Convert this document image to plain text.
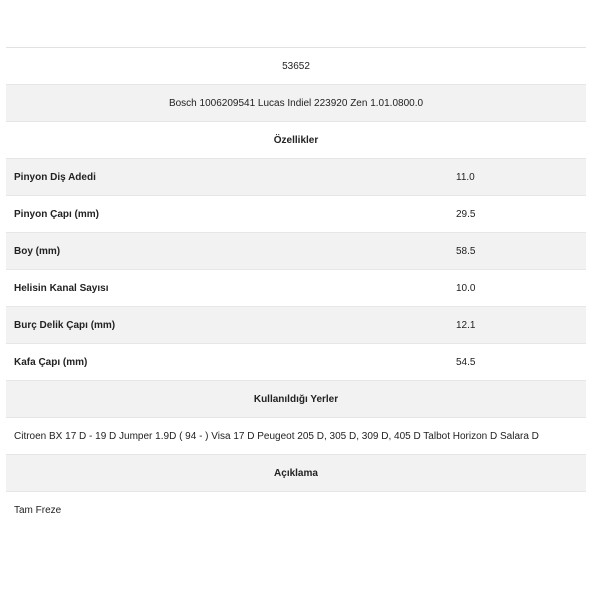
53652
Bosch 1006209541 Lucas Indiel 223920 Zen 1.01.0800.0
Özellikler
Pinyon Diş Adedi	11.0
Pinyon Çapı (mm)	29.5
Boy (mm)	58.5
Helisin Kanal Sayısı	10.0
Burç Delik Çapı (mm)	12.1
Kafa Çapı (mm)	54.5
Kullanıldığı Yerler
Citroen BX 17 D - 19 D Jumper 1.9D ( 94 - ) Visa 17 D Peugeot 205 D, 305 D, 309 D, 405 D Talbot Horizon D Salara D
Açıklama
Tam Freze
